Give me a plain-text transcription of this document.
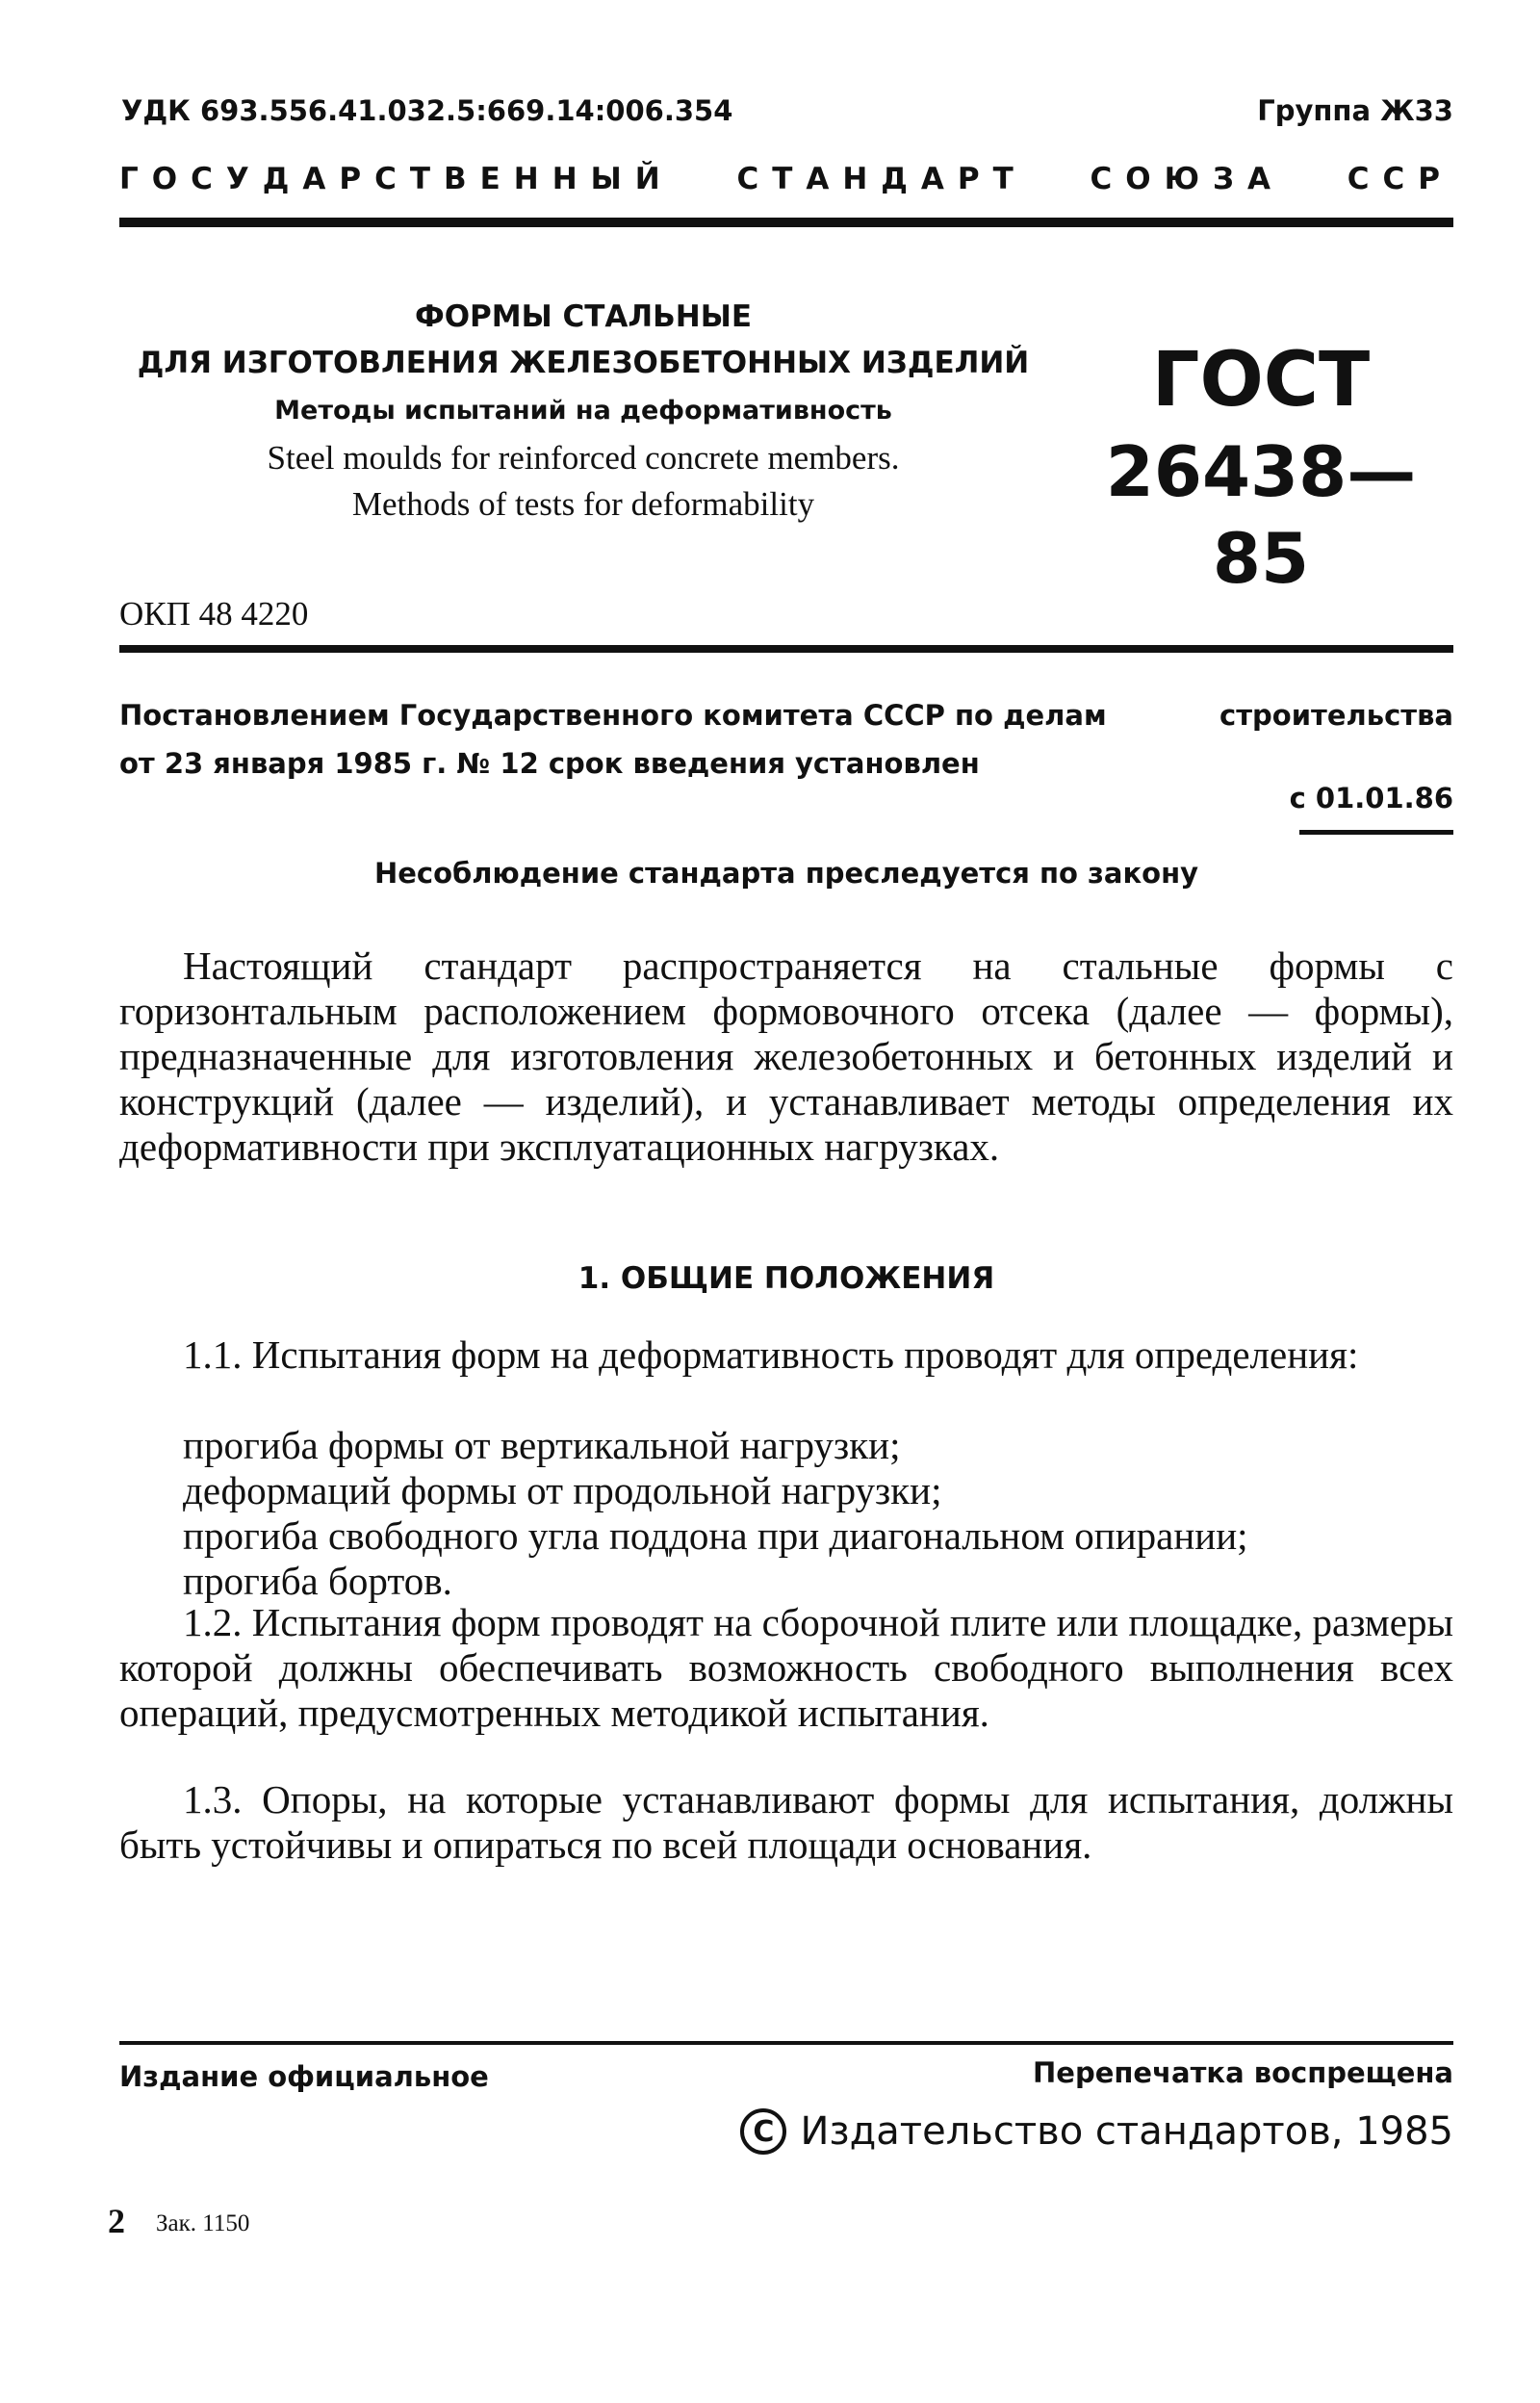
УДК 693.556.41.032.5:669.14:006.354	Группа Ж33
ГОСУДАРСТВЕННЫЙ СТАНДАРТ СОЮЗА ССР
ФОРМЫ СТАЛЬНЫЕ
ДЛЯ ИЗГОТОВЛЕНИЯ ЖЕЛЕЗОБЕТОННЫХ ИЗДЕЛИЙ
Методы испытаний на деформативность
Steel moulds for reinforced concrete members.
Methods of tests for deformability
ГОСТ
26438—85
ОКП 48 4220
Постановлением Государственного комитета СССР по делам	строительства
от 23 января 1985 г. № 12 срок введения установлен
с 01.01.86
Несоблюдение стандарта преследуется по закону
Настоящий стандарт распространяется на стальные формы с горизонтальным расположением формовочного отсека (далее — формы), предназначенные для изготовления железобетонных и бетонных изделий и конструкций (далее — изделий), и устанавливает методы определения их деформативности при эксплуатационных нагрузках.
1. ОБЩИЕ ПОЛОЖЕНИЯ
1.1. Испытания форм на деформативность проводят для определения:
прогиба формы от вертикальной нагрузки;
деформаций формы от продольной нагрузки;
прогиба свободного угла поддона при диагональном опирании;
прогиба бортов.
1.2. Испытания форм проводят на сборочной плите или площадке, размеры которой должны обеспечивать возможность свободного выполнения всех операций, предусмотренных методикой испытания.
1.3. Опоры, на которые устанавливают формы для испытания, должны быть устойчивы и опираться по всей площади основания.
Издание официальное	Перепечатка воспрещена
C Издательство стандартов, 1985
2 Зак. 1150
